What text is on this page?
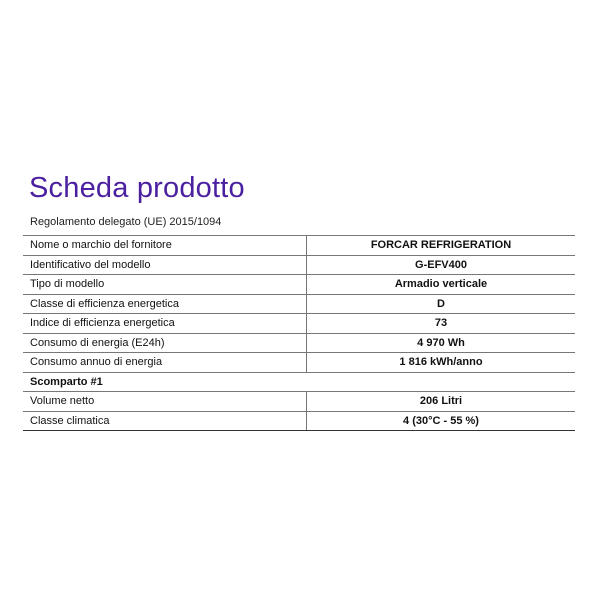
Scheda prodotto
Regolamento delegato (UE) 2015/1094
Nome o marchio del fornitore	FORCAR REFRIGERATION
Identificativo del modello	G-EFV400
Tipo di modello	Armadio verticale
Classe di efficienza energetica	D
Indice di efficienza energetica	73
Consumo di energia (E24h)	4 970 Wh
Consumo annuo di energia	1 816 kWh/anno
Scomparto #1	
Volume netto	206 Litri
Classe climatica	4 (30°C - 55 %)
